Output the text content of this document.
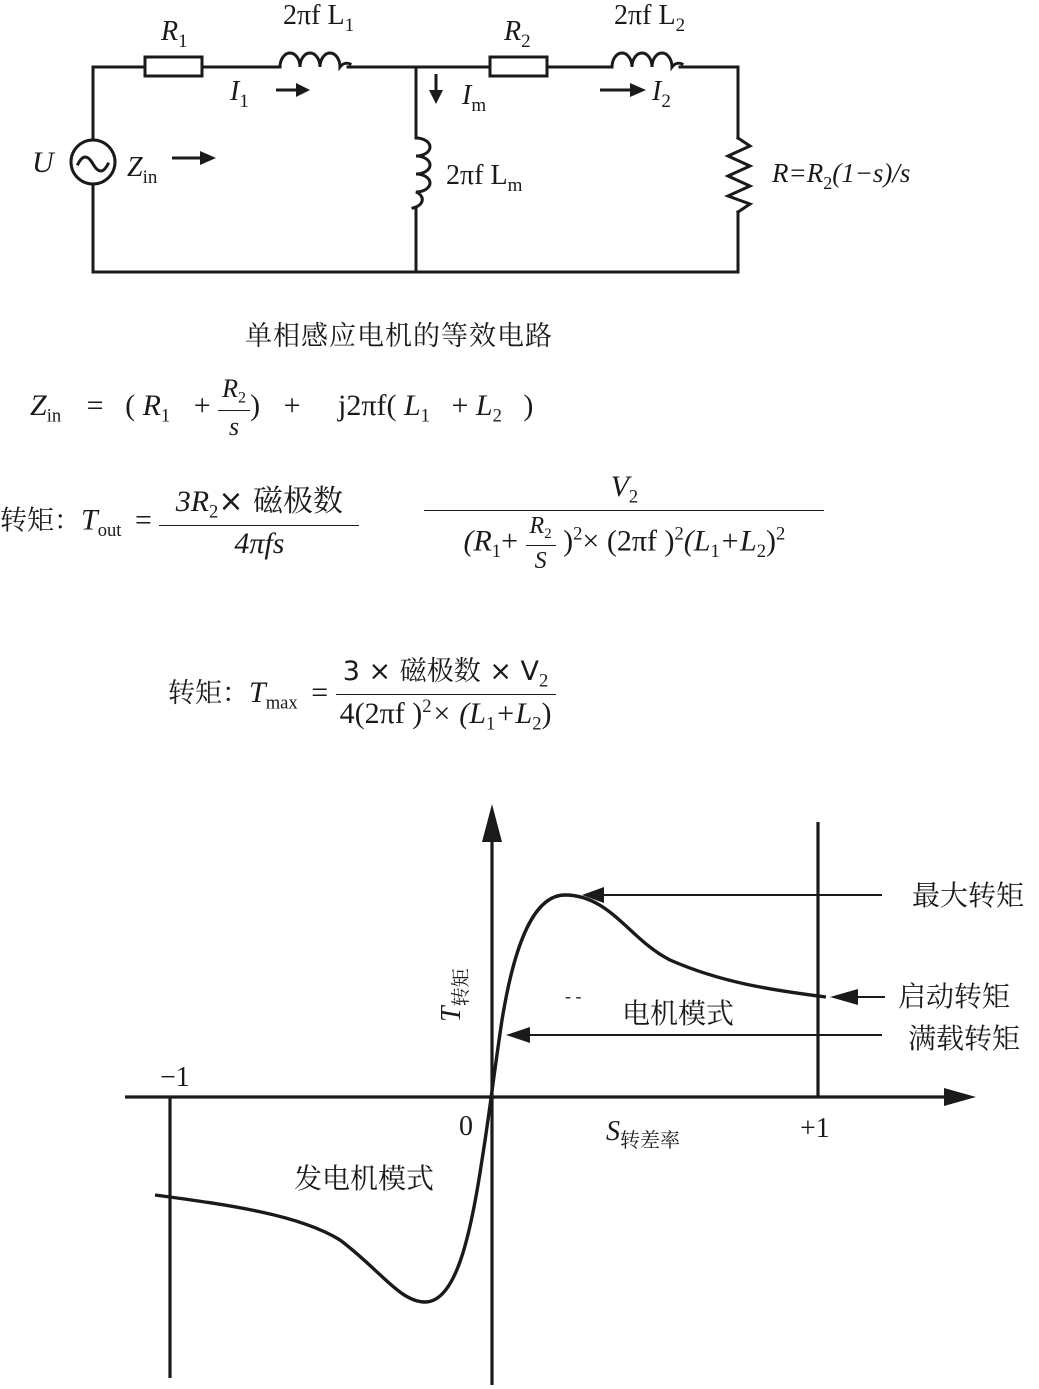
$R_1$
2πf $L_1$	$R_2$
2πf $L_2$
$I_1$	$I_m$	$I_2$
U	$Z_{in}$	2πf $L_m$	$R=R_2(1-s)/s$
单相感应电机的等效电路
$Z_{in}$ = ( $R_1 + \frac{R_2}{s}$ ) + j2πf( $L_1 + L_2$ )
转矩：$T_{out} = \frac{3R_2\times 磁极数}{\text{4πfs}}$
$\frac{V_2}{(R_1+ \frac{R_2}{S} )^2\times (2\pi f )^2(L_1+L_2)^2}$
转矩：$T_{max} = \frac{3 \times 磁极数 \times V_2}{4(2\pi f )^2\times (L_1+L_2)}$
$T_{转矩}$
$S_{转差率}$
−1
0	+1
最大转矩
启动转矩
满载转矩
电机模式
- -
发电机模式
